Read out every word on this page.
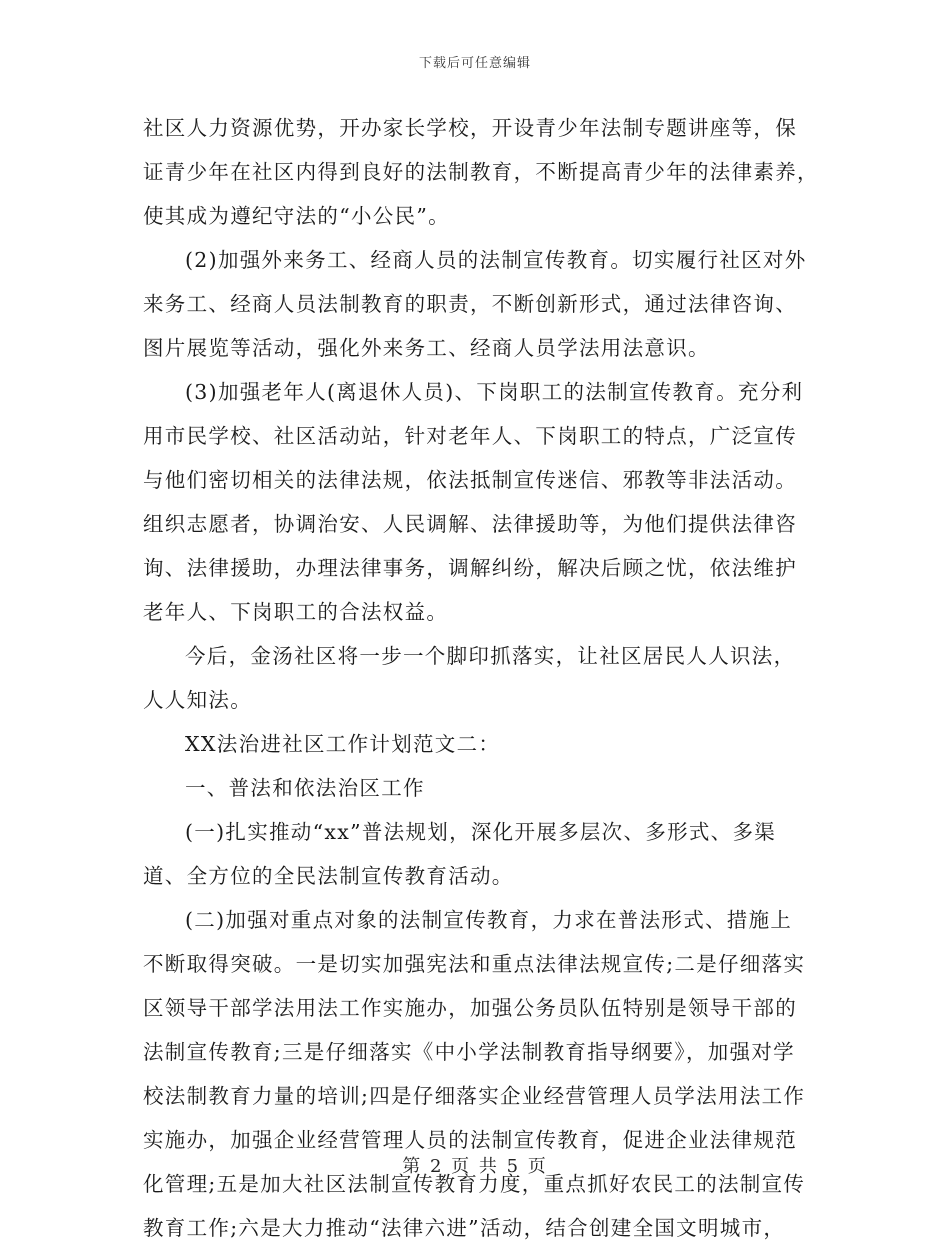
下载后可任意编辑
社区人力资源优势，开办家长学校，开设青少年法制专题讲座等，保
证青少年在社区内得到良好的法制教育，不断提高青少年的法律素养，
使其成为遵纪守法的“小公民”。
(2)加强外来务工、经商人员的法制宣传教育。切实履行社区对外
来务工、经商人员法制教育的职责，不断创新形式，通过法律咨询、
图片展览等活动，强化外来务工、经商人员学法用法意识。
(3)加强老年人(离退休人员)、下岗职工的法制宣传教育。充分利
用市民学校、社区活动站，针对老年人、下岗职工的特点，广泛宣传
与他们密切相关的法律法规，依法抵制宣传迷信、邪教等非法活动。
组织志愿者，协调治安、人民调解、法律援助等，为他们提供法律咨
询、法律援助，办理法律事务，调解纠纷，解决后顾之忧，依法维护
老年人、下岗职工的合法权益。
今后，金汤社区将一步一个脚印抓落实，让社区居民人人识法，
人人知法。
XX法治进社区工作计划范文二：
一、普法和依法治区工作
(一)扎实推动“xx”普法规划，深化开展多层次、多形式、多渠
道、全方位的全民法制宣传教育活动。
(二)加强对重点对象的法制宣传教育，力求在普法形式、措施上
不断取得突破。一是切实加强宪法和重点法律法规宣传;二是仔细落实
区领导干部学法用法工作实施办，加强公务员队伍特别是领导干部的
法制宣传教育;三是仔细落实《中小学法制教育指导纲要》，加强对学
校法制教育力量的培训;四是仔细落实企业经营管理人员学法用法工作
实施办，加强企业经营管理人员的法制宣传教育，促进企业法律规范
化管理;五是加大社区法制宣传教育力度，重点抓好农民工的法制宣传
教育工作;六是大力推动“法律六进”活动，结合创建全国文明城市，
第 2 页 共 5 页
